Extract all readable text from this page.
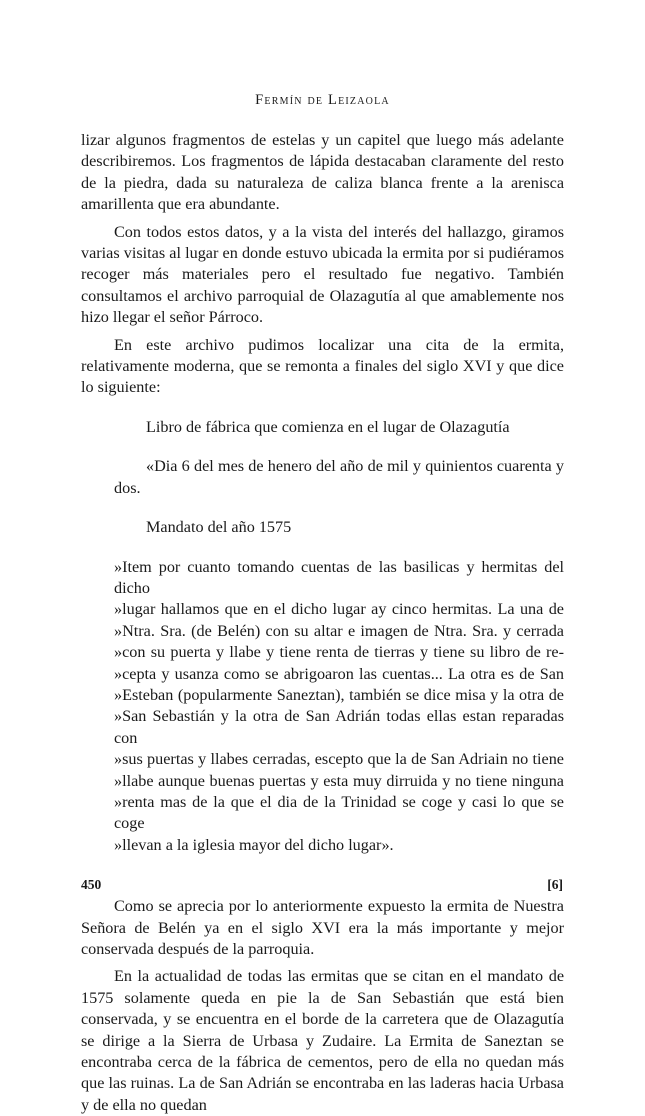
Fermín de Leizaola

lizar algunos fragmentos de estelas y un capitel que luego más adelante describiremos. Los fragmentos de lápida destacaban claramente del resto de la piedra, dada su naturaleza de caliza blanca frente a la arenisca amarillenta que era abundante.

Con todos estos datos, y a la vista del interés del hallazgo, giramos varias visitas al lugar en donde estuvo ubicada la ermita por si pudiéramos recoger más materiales pero el resultado fue negativo. También consultamos el archivo parroquial de Olazagutía al que amablemente nos hizo llegar el señor Párroco.

En este archivo pudimos localizar una cita de la ermita, relativamente moderna, que se remonta a finales del siglo XVI y que dice lo siguiente:

Libro de fábrica que comienza en el lugar de Olazagutía

«Dia 6 del mes de henero del año de mil y quinientos cuarenta y dos.

Mandato del año 1575

»Item por cuanto tomando cuentas de las basilicas y hermitas del dicho
»lugar hallamos que en el dicho lugar ay cinco hermitas. La una de
»Ntra. Sra. (de Belén) con su altar e imagen de Ntra. Sra. y cerrada
»con su puerta y llabe y tiene renta de tierras y tiene su libro de re-
»cepta y usanza como se abrigoaron las cuentas... La otra es de San
»Esteban (popularmente Saneztan), también se dice misa y la otra de
»San Sebastián y la otra de San Adrián todas ellas estan reparadas con
»sus puertas y llabes cerradas, escepto que la de San Adriain no tiene
»llabe aunque buenas puertas y esta muy dirruida y no tiene ninguna
»renta mas de la que el dia de la Trinidad se coge y casi lo que se coge
»llevan a la iglesia mayor del dicho lugar».

Como se aprecia por lo anteriormente expuesto la ermita de Nuestra Señora de Belén ya en el siglo XVI era la más importante y mejor conservada después de la parroquia.

En la actualidad de todas las ermitas que se citan en el mandato de 1575 solamente queda en pie la de San Sebastián que está bien conservada, y se encuentra en el borde de la carretera que de Olazagutía se dirige a la Sierra de Urbasa y Zudaire. La Ermita de Saneztan se encontraba cerca de la fábrica de cementos, pero de ella no quedan más que las ruinas. La de San Adrián se encontraba en las laderas hacia Urbasa y de ella no quedan

450	[6]
